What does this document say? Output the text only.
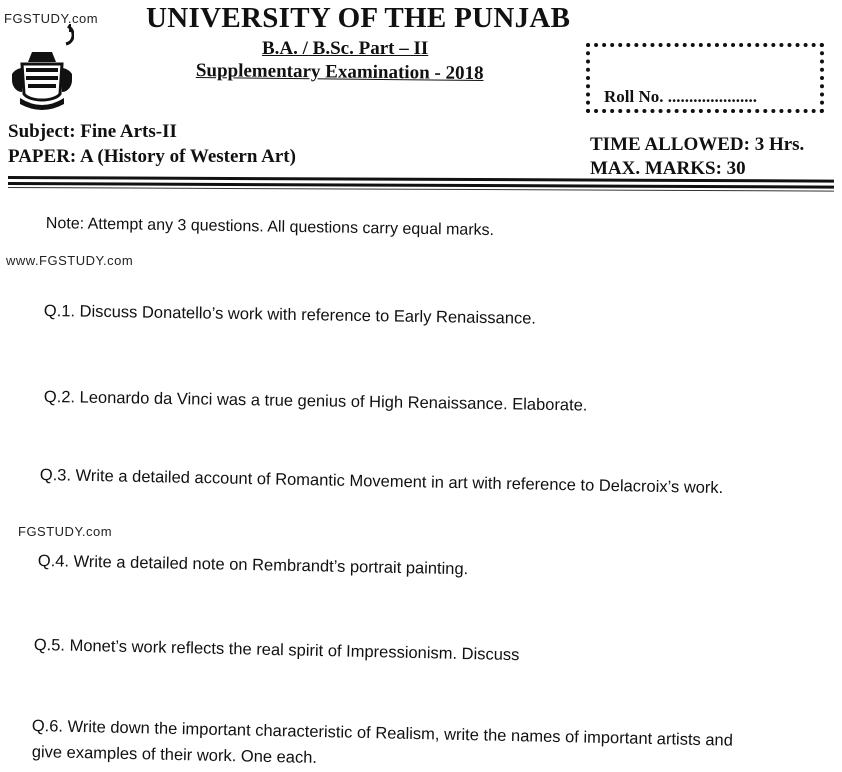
FGSTUDY.com
www.FGSTUDY.com
FGSTUDY.com
UNIVERSITY OF THE PUNJAB
B.A. / B.Sc. Part – II
Supplementary Examination - 2018
Roll No. .....................
Subject: Fine Arts-II
PAPER: A (History of Western Art)
TIME ALLOWED: 3 Hrs.
MAX. MARKS: 30
Note: Attempt any 3 questions. All questions carry equal marks.
Q.1. Discuss Donatello’s work with reference to Early Renaissance.
Q.2. Leonardo da Vinci was a true genius of High Renaissance. Elaborate.
Q.3. Write a detailed account of Romantic Movement in art with reference to Delacroix’s work.
Q.4. Write a detailed note on Rembrandt’s portrait painting.
Q.5. Monet’s work reflects the real spirit of Impressionism. Discuss
Q.6. Write down the important characteristic of Realism, write the names of important artists and
give examples of their work. One each.
